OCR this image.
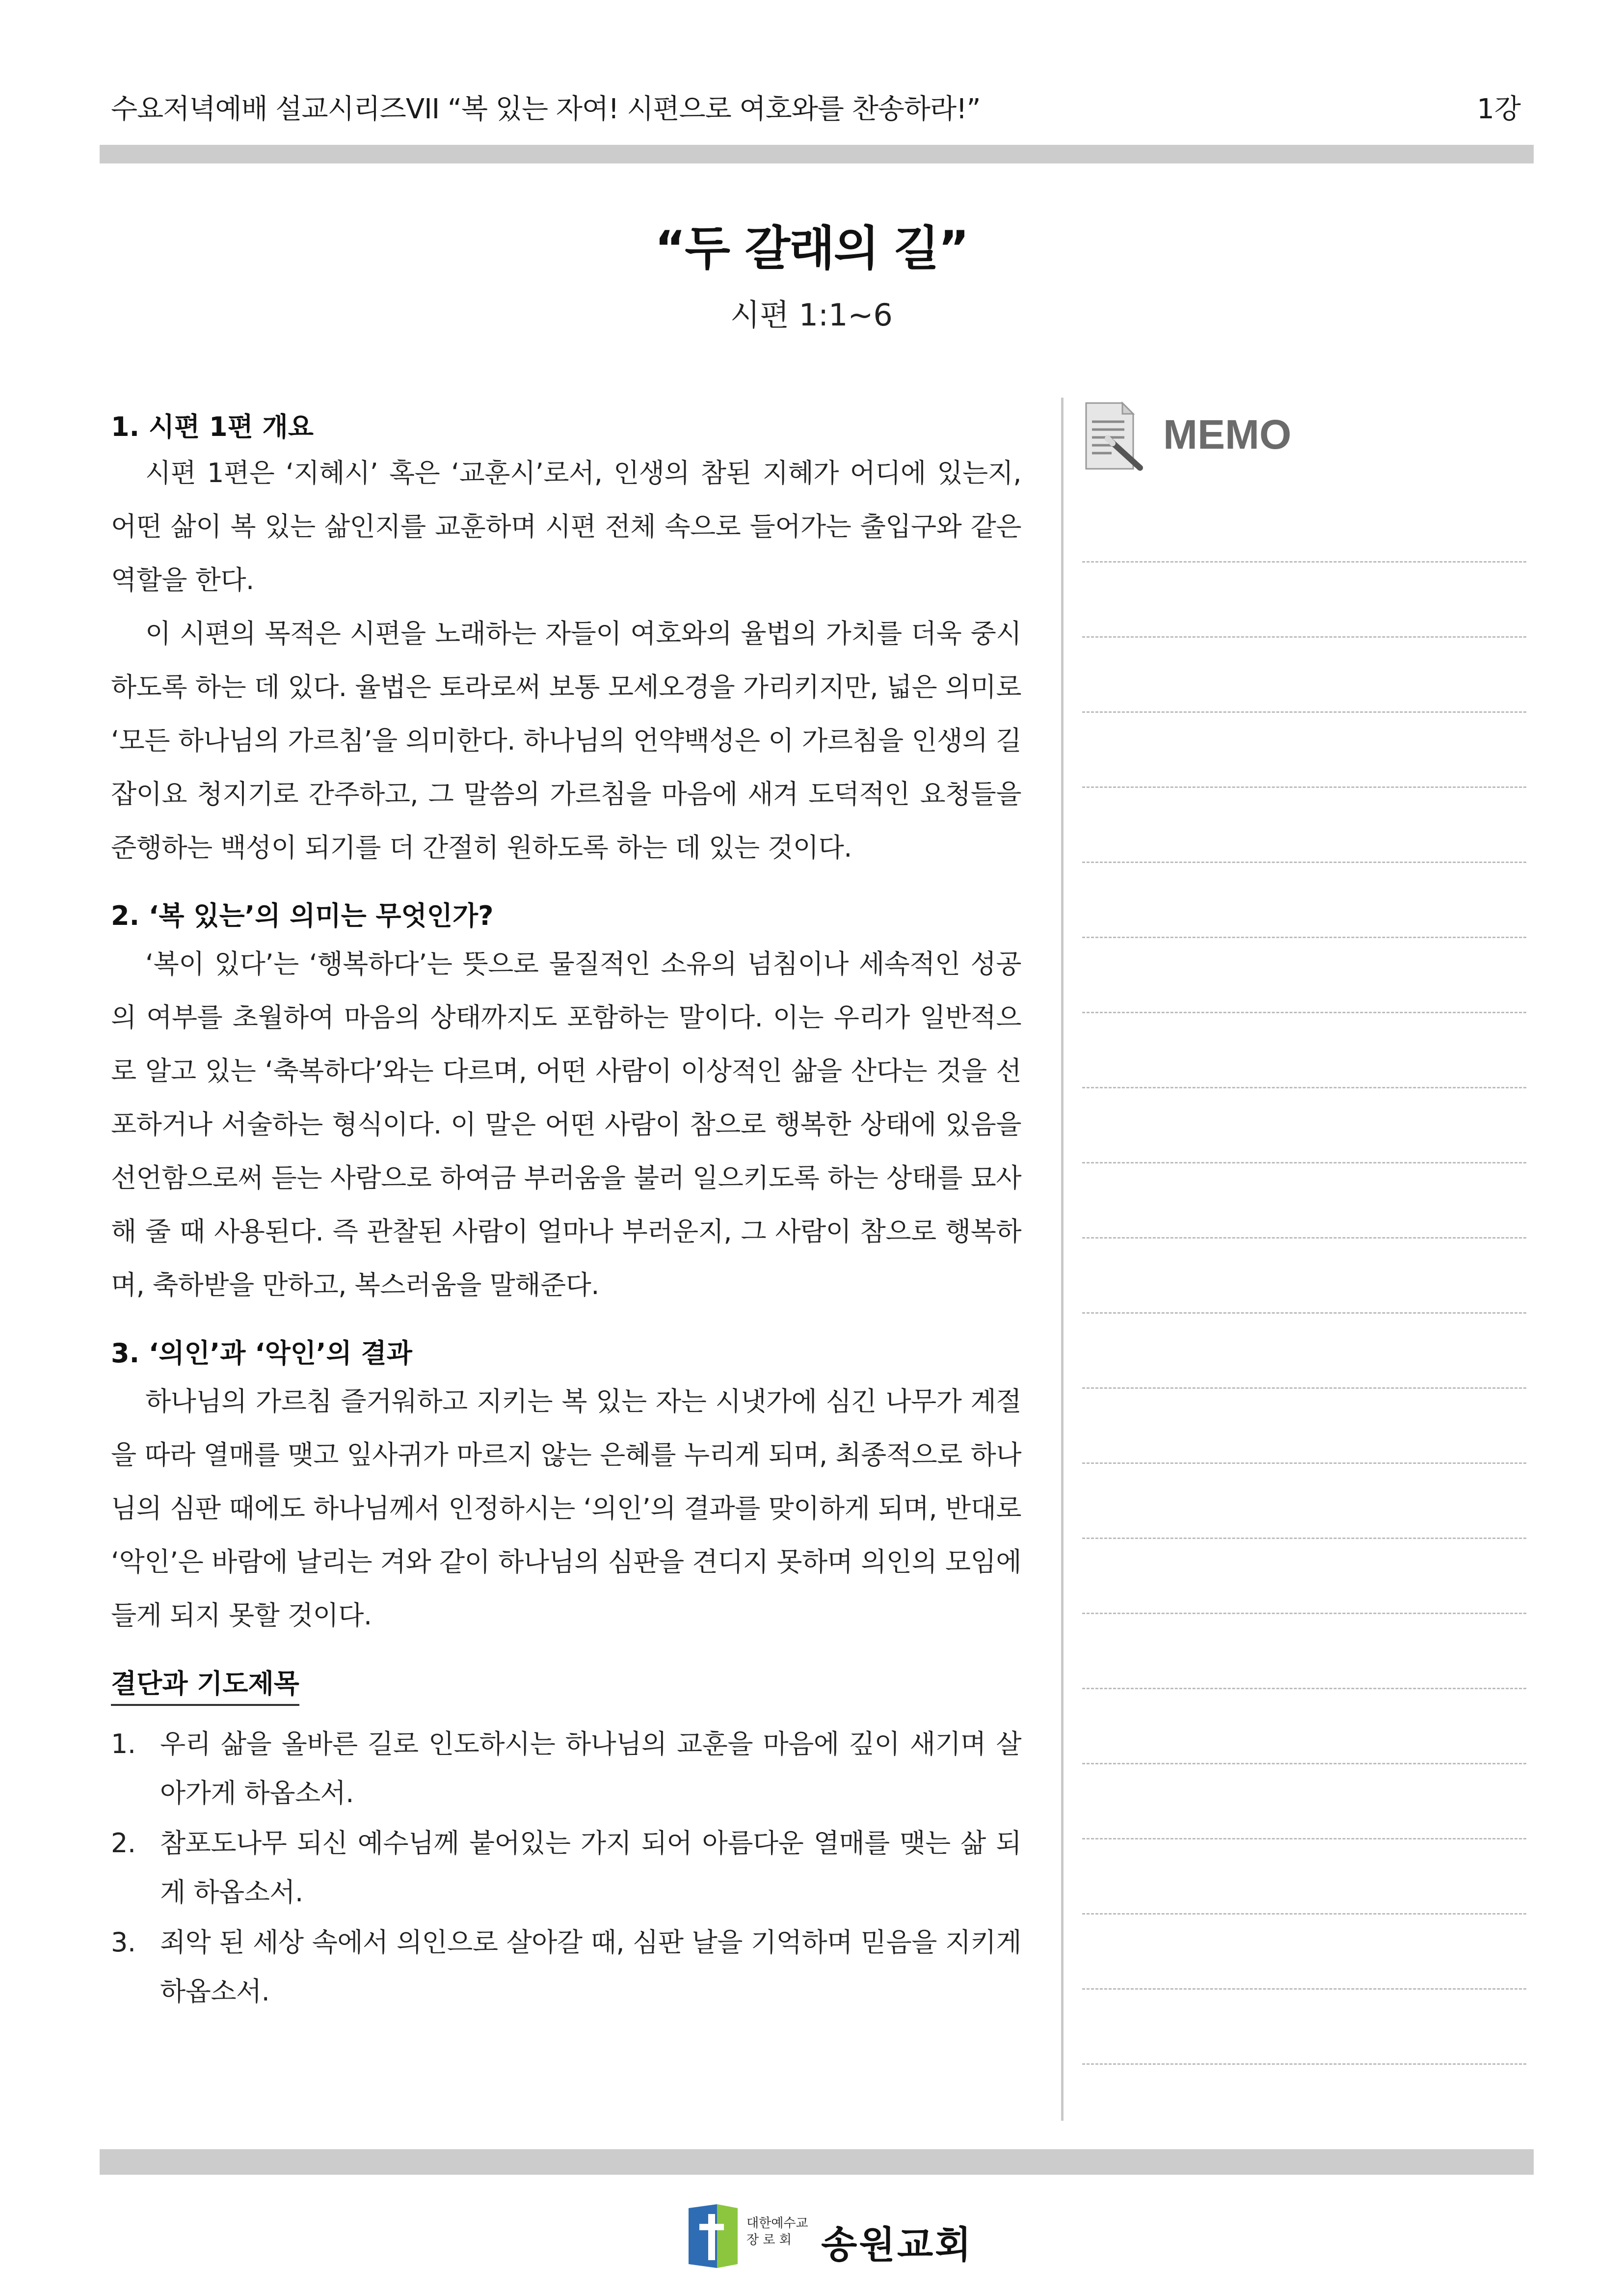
수요저녁예배 설교시리즈VII “복 있는 자여! 시편으로 여호와를 찬송하라!”	1강
“두 갈래의 길”
시편 1:1~6
1. 시편 1편 개요

시편 1편은 ‘지혜시’ 혹은 ‘교훈시’로서, 인생의 참된 지혜가 어디에 있는지, 어떤 삶이 복 있는 삶인지를 교훈하며 시편 전체 속으로 들어가는 출입구와 같은 역할을 한다.

이 시편의 목적은 시편을 노래하는 자들이 여호와의 율법의 가치를 더욱 중시하도록 하는 데 있다. 율법은 토라로써 보통 모세오경을 가리키지만, 넓은 의미로 ‘모든 하나님의 가르침’을 의미한다. 하나님의 언약백성은 이 가르침을 인생의 길잡이요 청지기로 간주하고, 그 말씀의 가르침을 마음에 새겨 도덕적인 요청들을 준행하는 백성이 되기를 더 간절히 원하도록 하는 데 있는 것이다.

2. ‘복 있는’의 의미는 무엇인가?

‘복이 있다’는 ‘행복하다’는 뜻으로 물질적인 소유의 넘침이나 세속적인 성공의 여부를 초월하여 마음의 상태까지도 포함하는 말이다. 이는 우리가 일반적으로 알고 있는 ‘축복하다’와는 다르며, 어떤 사람이 이상적인 삶을 산다는 것을 선포하거나 서술하는 형식이다. 이 말은 어떤 사람이 참으로 행복한 상태에 있음을 선언함으로써 듣는 사람으로 하여금 부러움을 불러 일으키도록 하는 상태를 묘사해 줄 때 사용된다. 즉 관찰된 사람이 얼마나 부러운지, 그 사람이 참으로 행복하며, 축하받을 만하고, 복스러움을 말해준다.

3. ‘의인’과 ‘악인’의 결과

하나님의 가르침 즐거워하고 지키는 복 있는 자는 시냇가에 심긴 나무가 계절을 따라 열매를 맺고 잎사귀가 마르지 않는 은혜를 누리게 되며, 최종적으로 하나님의 심판 때에도 하나님께서 인정하시는 ‘의인’의 결과를 맞이하게 되며, 반대로 ‘악인’은 바람에 날리는 겨와 같이 하나님의 심판을 견디지 못하며 의인의 모임에 들게 되지 못할 것이다.

결단과 기도제목
1. 우리 삶을 올바른 길로 인도하시는 하나님의 교훈을 마음에 깊이 새기며 살아가게 하옵소서.
2. 참포도나무 되신 예수님께 붙어있는 가지 되어 아름다운 열매를 맺는 삶 되게 하옵소서.
3. 죄악 된 세상 속에서 의인으로 살아갈 때, 심판 날을 기억하며 믿음을 지키게 하옵소서.
MEMO
대한예수교
장 로 회 송원교회
